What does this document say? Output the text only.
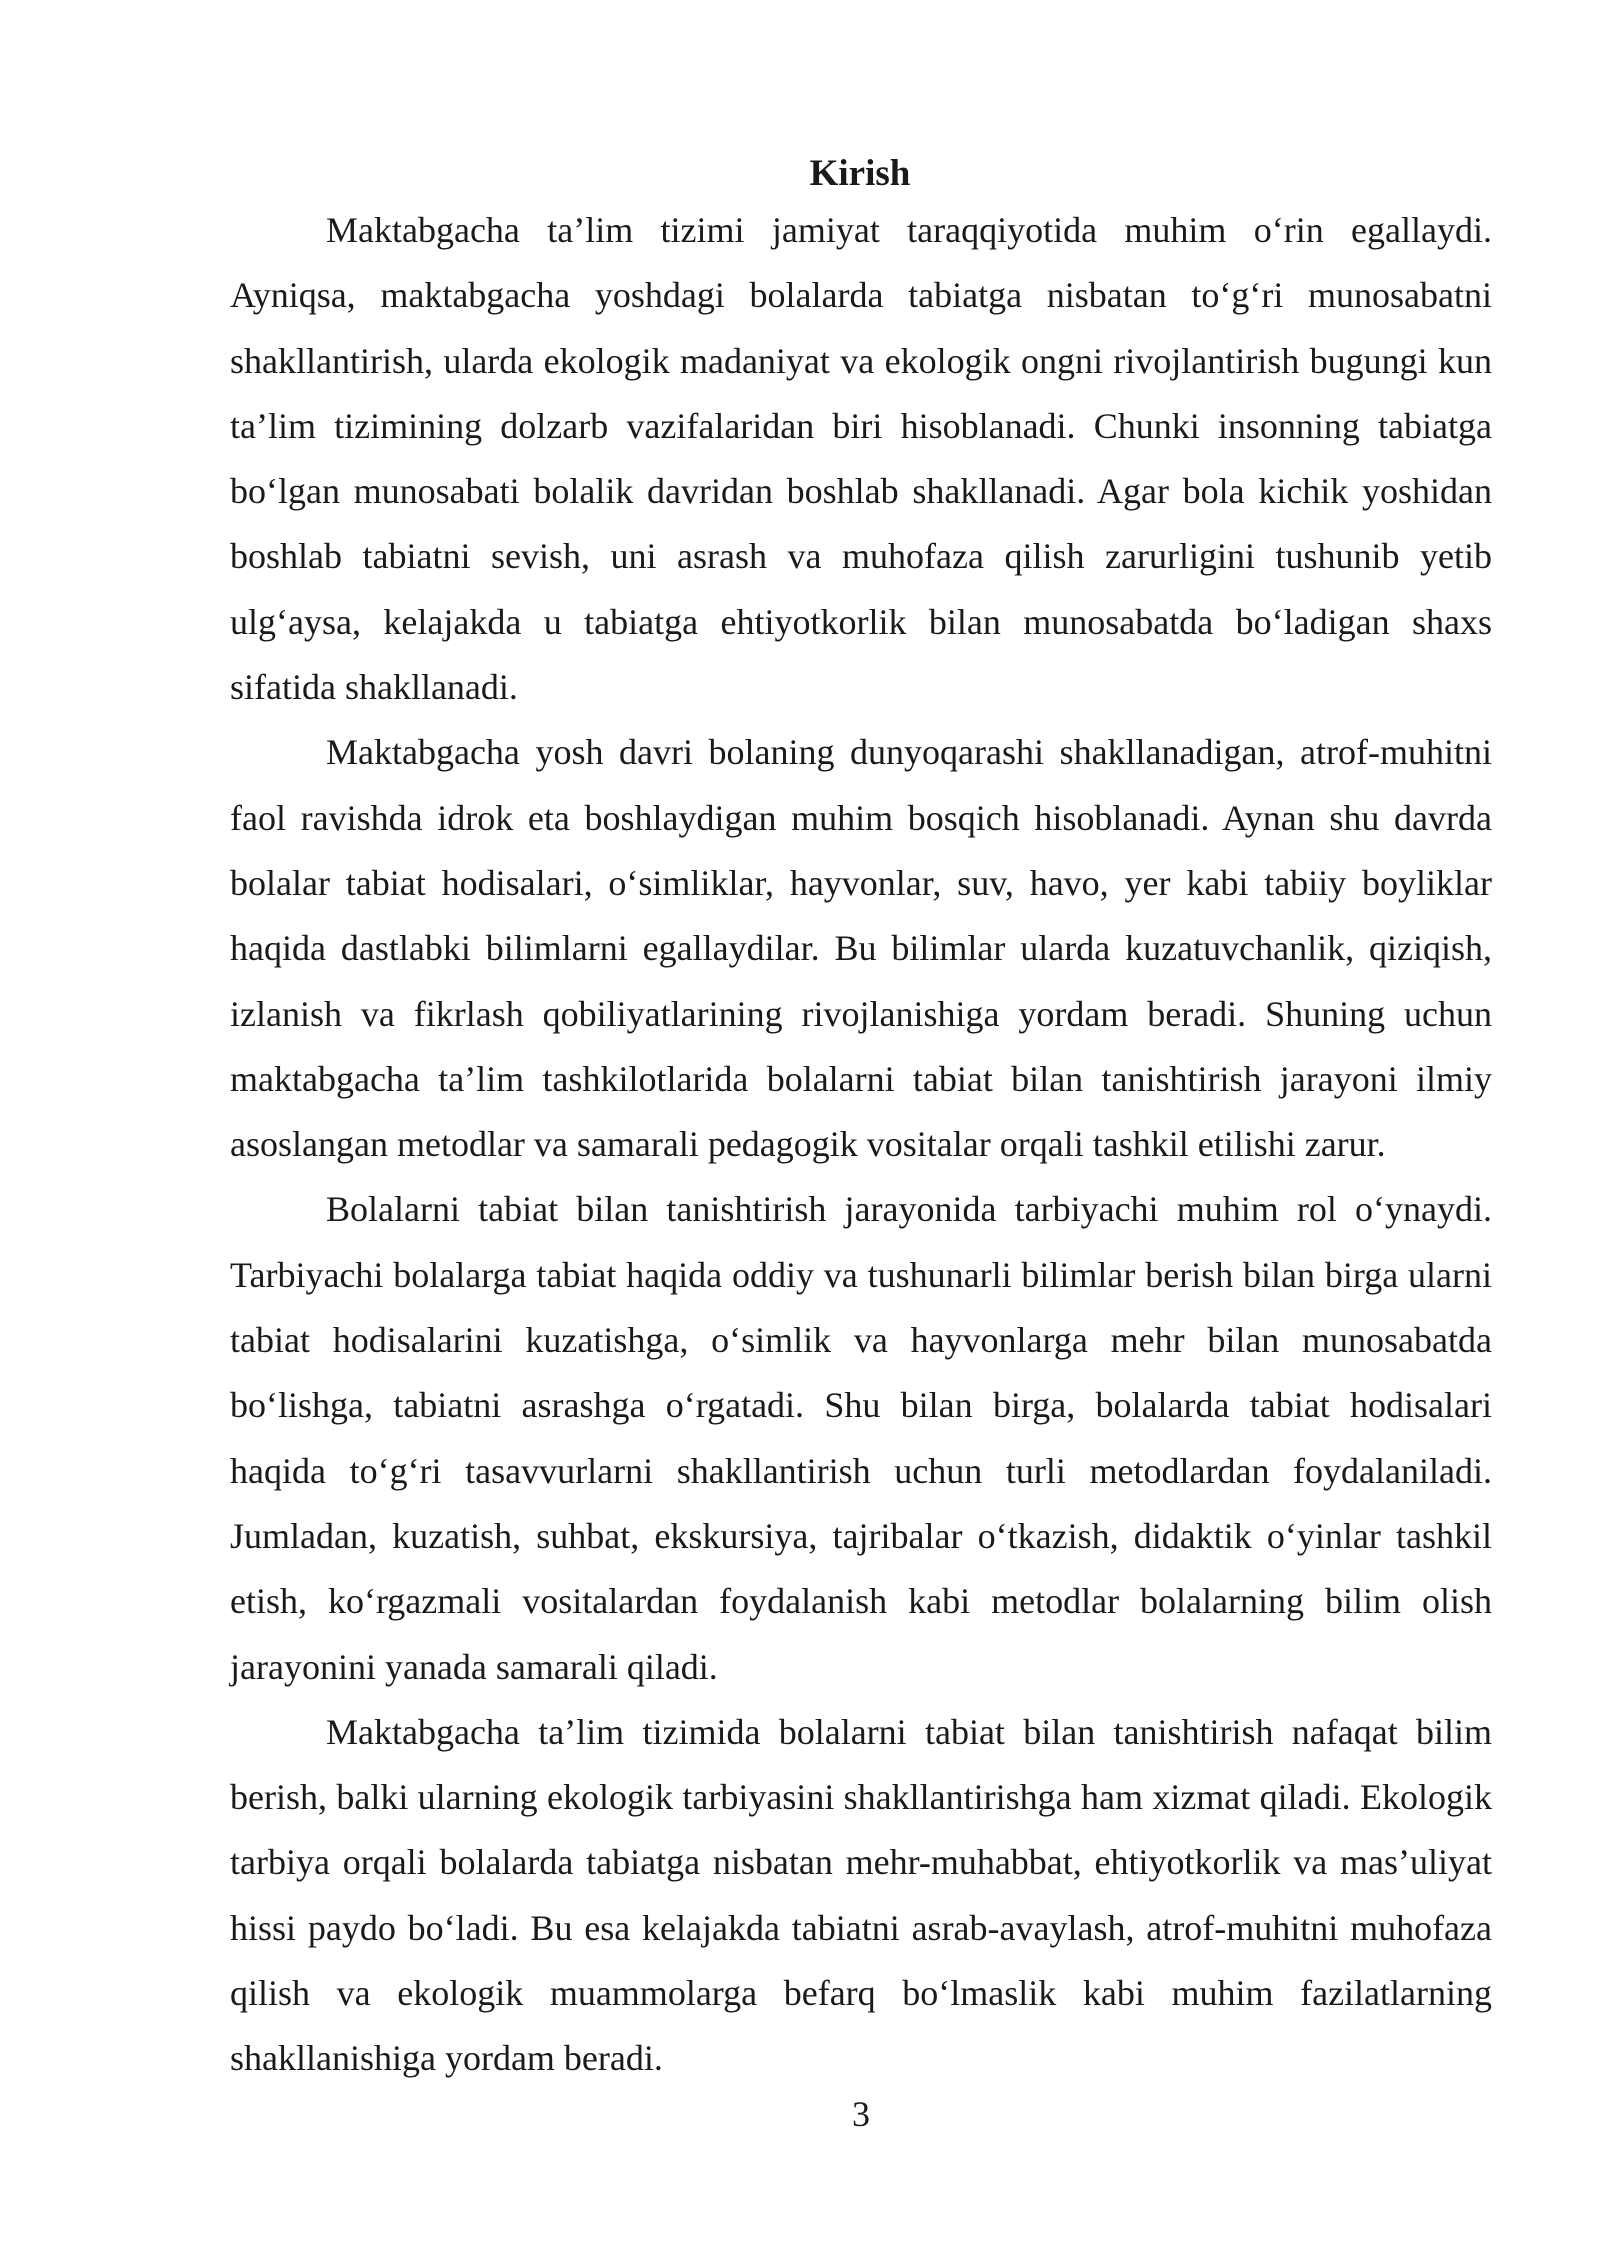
Kirish

Maktabgacha ta’lim tizimi jamiyat taraqqiyotida muhim o‘rin egallaydi. Ayniqsa, maktabgacha yoshdagi bolalarda tabiatga nisbatan to‘g‘ri munosabatni shakllantirish, ularda ekologik madaniyat va ekologik ongni rivojlantirish bugungi kun ta’lim tizimining dolzarb vazifalaridan biri hisoblanadi. Chunki insonning tabiatga bo‘lgan munosabati bolalik davridan boshlab shakllanadi. Agar bola kichik yoshidan boshlab tabiatni sevish, uni asrash va muhofaza qilish zarurligini tushunib yetib ulg‘aysa, kelajakda u tabiatga ehtiyotkorlik bilan munosabatda bo‘ladigan shaxs sifatida shakllanadi.

Maktabgacha yosh davri bolaning dunyoqarashi shakllanadigan, atrof-muhitni faol ravishda idrok eta boshlaydigan muhim bosqich hisoblanadi. Aynan shu davrda bolalar tabiat hodisalari, o‘simliklar, hayvonlar, suv, havo, yer kabi tabiiy boyliklar haqida dastlabki bilimlarni egallaydilar. Bu bilimlar ularda kuzatuvchanlik, qiziqish, izlanish va fikrlash qobiliyatlarining rivojlanishiga yordam beradi. Shuning uchun maktabgacha ta’lim tashkilotlarida bolalarni tabiat bilan tanishtirish jarayoni ilmiy asoslangan metodlar va samarali pedagogik vositalar orqali tashkil etilishi zarur.

Bolalarni tabiat bilan tanishtirish jarayonida tarbiyachi muhim rol o‘ynaydi. Tarbiyachi bolalarga tabiat haqida oddiy va tushunarli bilimlar berish bilan birga ularni tabiat hodisalarini kuzatishga, o‘simlik va hayvonlarga mehr bilan munosabatda bo‘lishga, tabiatni asrashga o‘rgatadi. Shu bilan birga, bolalarda tabiat hodisalari haqida to‘g‘ri tasavvurlarni shakllantirish uchun turli metodlardan foydalaniladi. Jumladan, kuzatish, suhbat, ekskursiya, tajribalar o‘tkazish, didaktik o‘yinlar tashkil etish, ko‘rgazmali vositalardan foydalanish kabi metodlar bolalarning bilim olish jarayonini yanada samarali qiladi.

Maktabgacha ta’lim tizimida bolalarni tabiat bilan tanishtirish nafaqat bilim berish, balki ularning ekologik tarbiyasini shakllantirishga ham xizmat qiladi. Ekologik tarbiya orqali bolalarda tabiatga nisbatan mehr-muhabbat, ehtiyotkorlik va mas’uliyat hissi paydo bo‘ladi. Bu esa kelajakda tabiatni asrab-avaylash, atrof-muhitni muhofaza qilish va ekologik muammolarga befarq bo‘lmaslik kabi muhim fazilatlarning shakllanishiga yordam beradi.

3
